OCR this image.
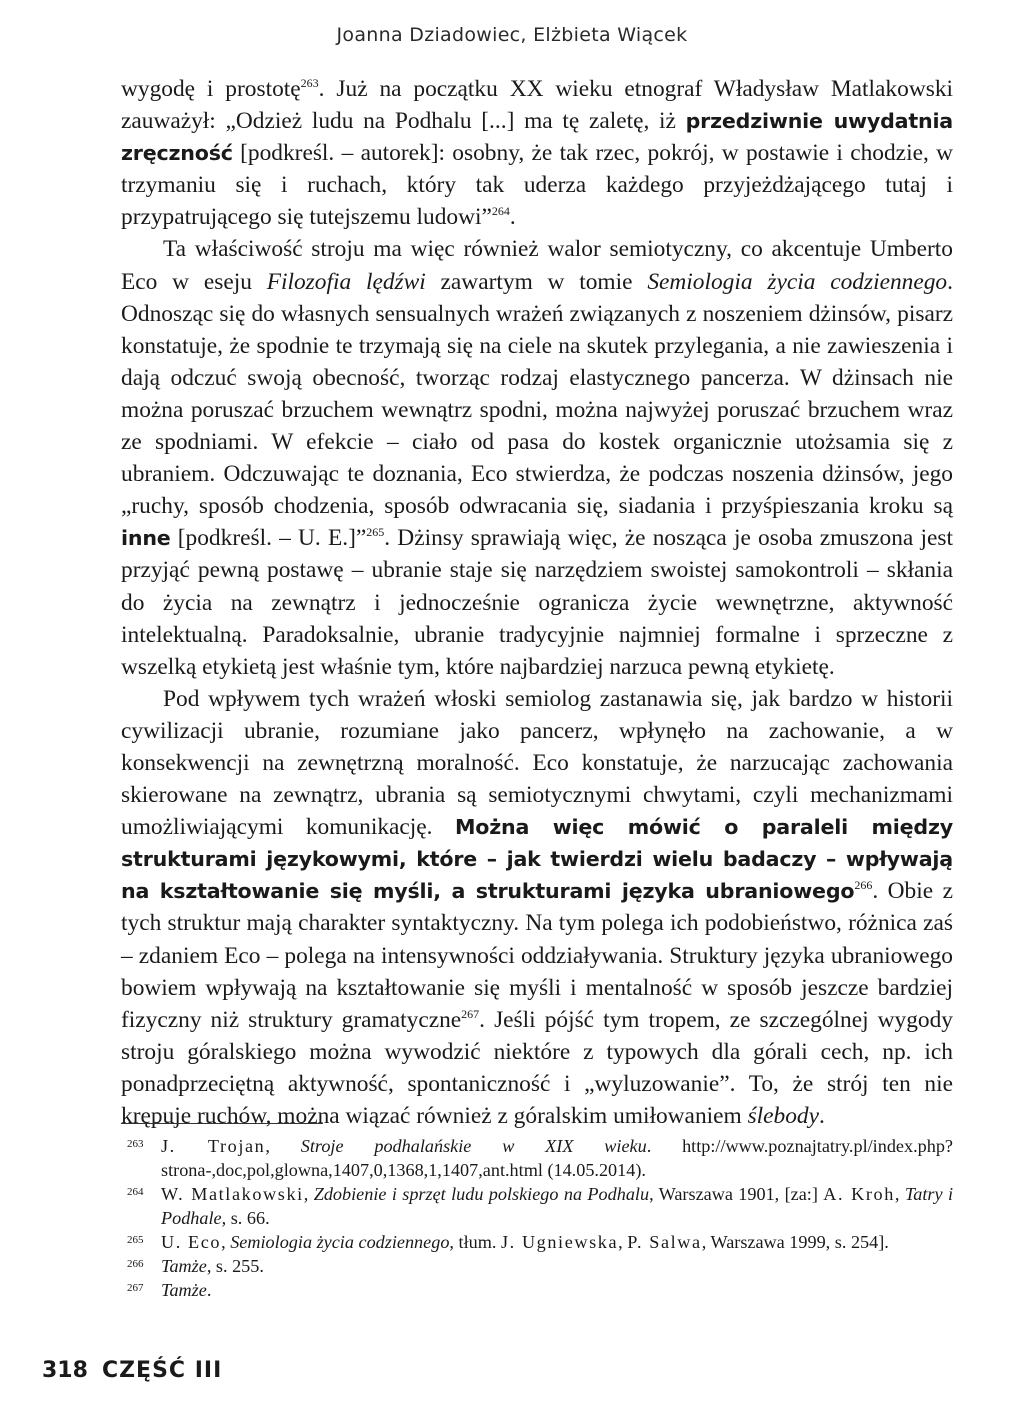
Joanna Dziadowiec, Elżbieta Wiącek

wygodę i prostotę$^{263}$. Już na początku XX wieku etnograf Władysław Matlakowski zauważył: „Odzież ludu na Podhalu [...] ma tę zaletę, iż przedziwnie uwydatnia zręczność [podkreśl. – autorek]: osobny, że tak rzec, pokrój, w postawie i chodzie, w trzymaniu się i ruchach, który tak uderza każdego przyjeżdżającego tutaj i przypatrującego się tutejszemu ludowi”$^{264}$.

Ta właściwość stroju ma więc również walor semiotyczny, co akcentuje Umberto Eco w eseju Filozofia lędźwi zawartym w tomie Semiologia życia codziennego. Odnosząc się do własnych sensualnych wrażeń związanych z noszeniem dżinsów, pisarz konstatuje, że spodnie te trzymają się na ciele na skutek przylegania, a nie zawieszenia i dają odczuć swoją obecność, tworząc rodzaj elastycznego pancerza. W dżinsach nie można poruszać brzuchem wewnątrz spodni, można najwyżej poruszać brzuchem wraz ze spodniami. W efekcie – ciało od pasa do kostek organicznie utożsamia się z ubraniem. Odczuwając te doznania, Eco stwierdza, że podczas noszenia dżinsów, jego „ruchy, sposób chodzenia, sposób odwracania się, siadania i przyśpieszania kroku są inne [podkreśl. – U. E.]”$^{265}$. Dżinsy sprawiają więc, że nosząca je osoba zmuszona jest przyjąć pewną postawę – ubranie staje się narzędziem swoistej samokontroli – skłania do życia na zewnątrz i jednocześnie ogranicza życie wewnętrzne, aktywność intelektualną. Paradoksalnie, ubranie tradycyjnie najmniej formalne i sprzeczne z wszelką etykietą jest właśnie tym, które najbardziej narzuca pewną etykietę.

Pod wpływem tych wrażeń włoski semiolog zastanawia się, jak bardzo w historii cywilizacji ubranie, rozumiane jako pancerz, wpłynęło na zachowanie, a w konsekwencji na zewnętrzną moralność. Eco konstatuje, że narzucając zachowania skierowane na zewnątrz, ubrania są semiotycznymi chwytami, czyli mechanizmami umożliwiającymi komunikację. Można więc mówić o paraleli między strukturami językowymi, które – jak twierdzi wielu badaczy – wpływają na kształtowanie się myśli, a strukturami języka ubraniowego$^{266}$. Obie z tych struktur mają charakter syntaktyczny. Na tym polega ich podobieństwo, różnica zaś – zdaniem Eco – polega na intensywności oddziaływania. Struktury języka ubraniowego bowiem wpływają na kształtowanie się myśli i mentalność w sposób jeszcze bardziej fizyczny niż struktury gramatyczne$^{267}$. Jeśli pójść tym tropem, ze szczególnej wygody stroju góralskiego można wywodzić niektóre z typowych dla górali cech, np. ich ponadprzeciętną aktywność, spontaniczność i „wyluzowanie”. To, że strój ten nie krępuje ruchów, można wiązać również z góralskim umiłowaniem ślebody.

263 J. Trojan, Stroje podhalańskie w XIX wieku. http://www.poznajtatry.pl/index.php?strona-,doc,pol,glowna,1407,0,1368,1,1407,ant.html (14.05.2014).
264 W. Matlakowski, Zdobienie i sprzęt ludu polskiego na Podhalu, Warszawa 1901, [za:] A. Kroh, Tatry i Podhale, s. 66.
265 U. Eco, Semiologia życia codziennego, tłum. J. Ugniewska, P. Salwa, Warszawa 1999, s. 254].
266 Tamże, s. 255.
267 Tamże.
318 CZĘŚĆ III
